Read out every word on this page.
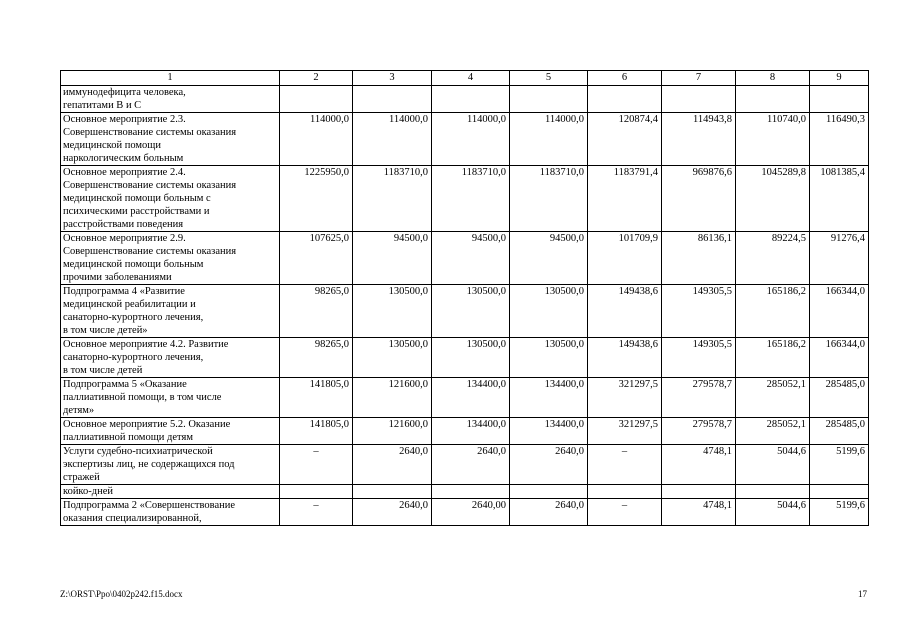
1	2	3	4	5	6	7	8	9
иммунодефицита человека,
гепатитами В и С								
Основное мероприятие 2.3.
Совершенствование системы оказания
медицинской помощи
наркологическим больным	114000,0	114000,0	114000,0	114000,0	120874,4	114943,8	110740,0	116490,3
Основное мероприятие 2.4.
Совершенствование системы оказания
медицинской помощи больным с
психическими расстройствами и
расстройствами поведения	1225950,0	1183710,0	1183710,0	1183710,0	1183791,4	969876,6	1045289,8	1081385,4
Основное мероприятие 2.9.
Совершенствование системы оказания
медицинской помощи больным
прочими заболеваниями	107625,0	94500,0	94500,0	94500,0	101709,9	86136,1	89224,5	91276,4
Подпрограмма 4 «Развитие
медицинской реабилитации и
санаторно-курортного лечения,
в том числе детей»	98265,0	130500,0	130500,0	130500,0	149438,6	149305,5	165186,2	166344,0
Основное мероприятие 4.2. Развитие
санаторно-курортного лечения,
в том числе детей	98265,0	130500,0	130500,0	130500,0	149438,6	149305,5	165186,2	166344,0
Подпрограмма 5 «Оказание
паллиативной помощи, в том числе
детям»	141805,0	121600,0	134400,0	134400,0	321297,5	279578,7	285052,1	285485,0
Основное мероприятие 5.2. Оказание
паллиативной помощи детям	141805,0	121600,0	134400,0	134400,0	321297,5	279578,7	285052,1	285485,0
Услуги судебно-психиатрической
экспертизы лиц, не содержащихся под
стражей	–	2640,0	2640,0	2640,0	–	4748,1	5044,6	5199,6
койко-дней								
Подпрограмма 2 «Совершенствование
оказания специализированной,	–	2640,0	2640,00	2640,0	–	4748,1	5044,6	5199,6
Z:\ORST\Ppo\0402p242.f15.docx	17
